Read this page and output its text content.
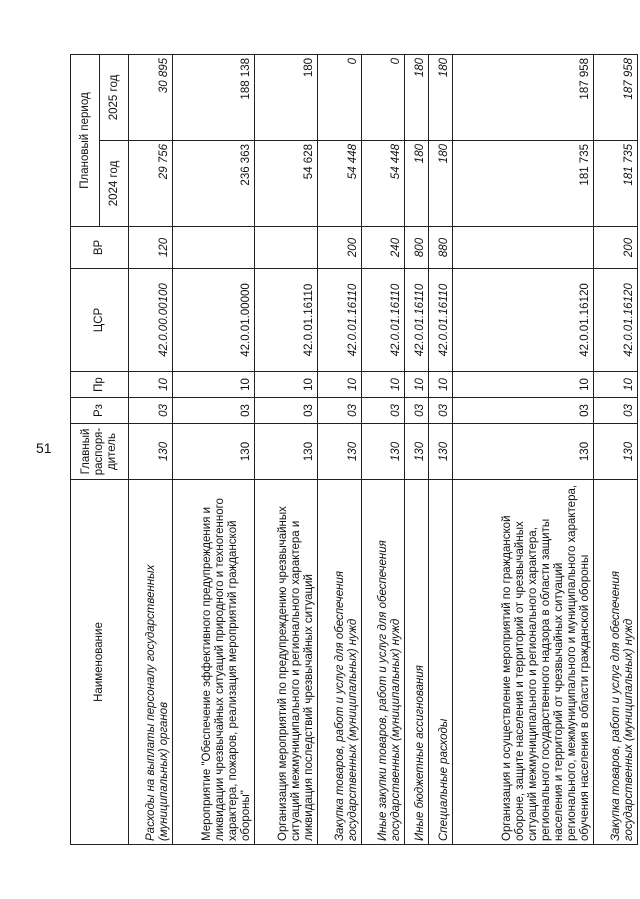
51
Наименование	Главный распоря-дитель	Рз	Пр	ЦСР	ВР	Плановый период	
						2024 год	2025 год
Расходы на выплаты персоналу государственных (муниципальных) органов	130	03	10	42.0.00.00100	120	29 756	30 895
Мероприятие "Обеспечение эффективного предупреждения и ликвидации чрезвычайных ситуаций природного и техногенного характера, пожаров, реализация мероприятий гражданской обороны"	130	03	10	42.0.01.00000		236 363	188 138
Организация мероприятий по предупреждению чрезвычайных ситуаций межмуниципального и регионального характера и ликвидация последствий чрезвычайных ситуаций	130	03	10	42.0.01.16110		54 628	180
Закупка товаров, работ и услуг для обеспечения государственных (муниципальных) нужд	130	03	10	42.0.01.16110	200	54 448	0
Иные закупки товаров, работ и услуг для обеспечения государственных (муниципальных) нужд	130	03	10	42.0.01.16110	240	54 448	0
Иные бюджетные ассигнования	130	03	10	42.0.01.16110	800	180	180
Специальные расходы	130	03	10	42.0.01.16110	880	180	180
Организация и осуществление мероприятий по гражданской обороне, защите населения и территорий от чрезвычайных ситуаций межмуниципального и регионального характера, регионального государственного надзора в области защиты населения и территорий от чрезвычайных ситуаций регионального, межмуниципального и муниципального характера, обучения населения в области гражданской обороны	130	03	10	42.0.01.16120		181 735	187 958
Закупка товаров, работ и услуг для обеспечения государственных (муниципальных) нужд	130	03	10	42.0.01.16120	200	181 735	187 958
